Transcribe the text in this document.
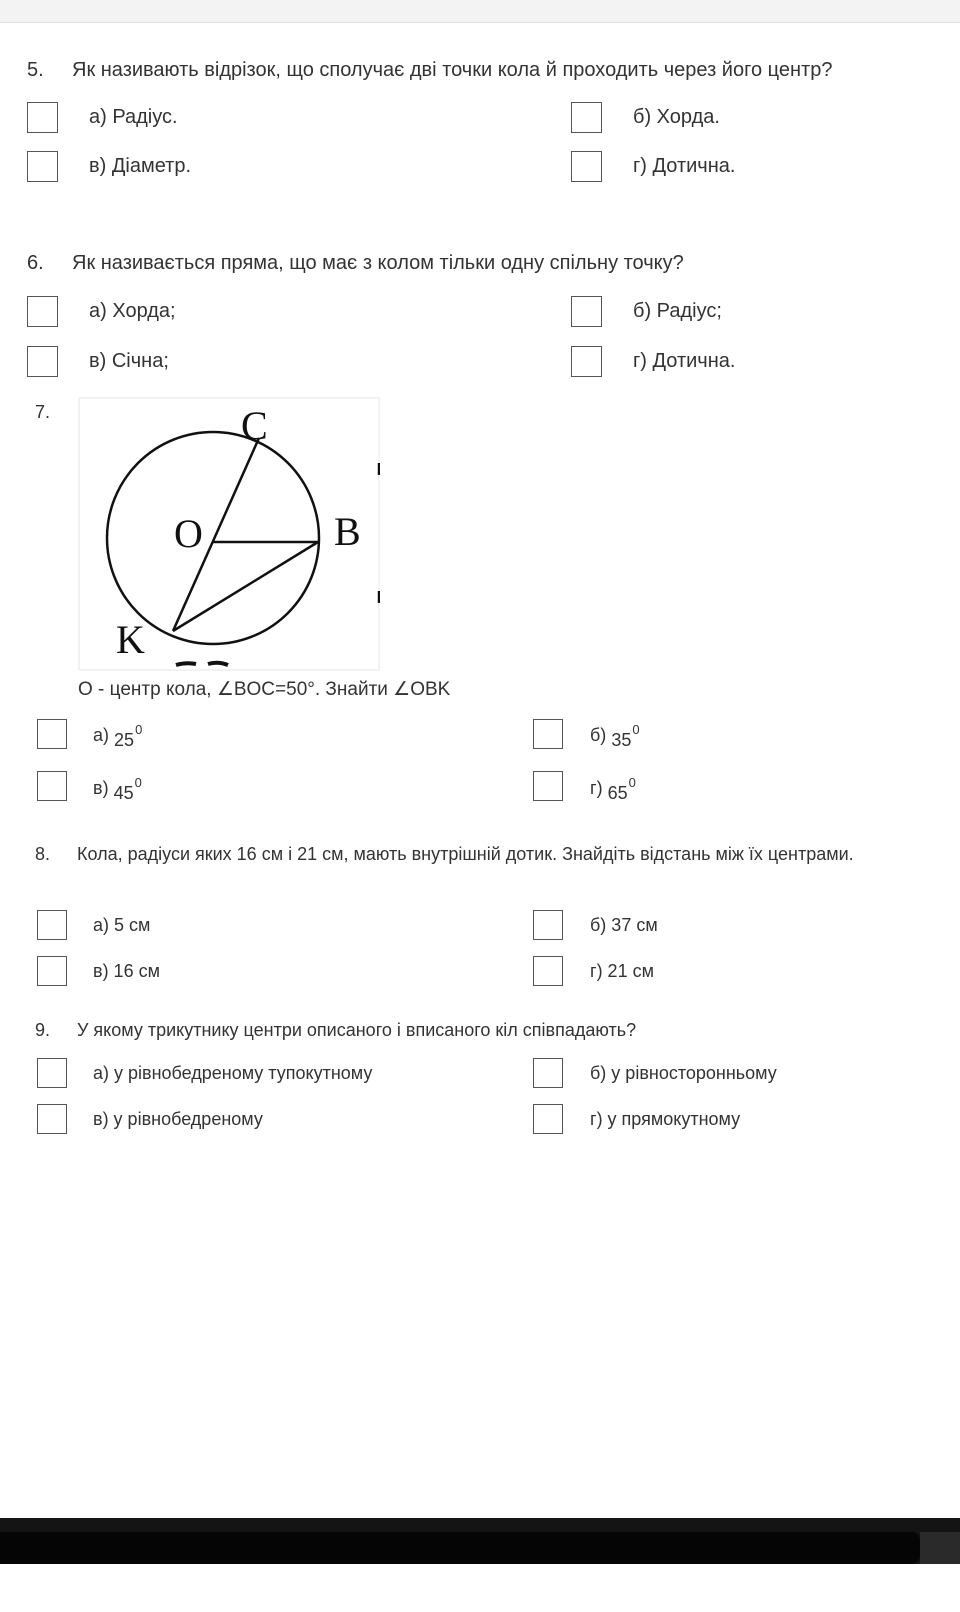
5. Як називають відрізок, що сполучає дві точки кола й проходить через його центр?
а) Радіус.	б) Хорда.
в) Діаметр.	г) Дотична.
6. Як називається пряма, що має з колом тільки одну спільну точку?
а) Хорда;	б) Радіус;
в) Січна;	г) Дотична.
7.	C
O	B
K
О - центр кола, ∠BOC=50°. Знайти ∠OBK
а) $25^0$	б) $35^0$
в) $45^0$	г) $65^0$
8. Кола, радіуси яких 16 см і 21 см, мають внутрішній дотик. Знайдіть відстань між їх центрами.
а) 5 см	б) 37 см
в) 16 см	г) 21 см
9. У якому трикутнику центри описаного і вписаного кіл співпадають?
а) у рівнобедреному тупокутному	б) у рівносторонньому
в) у рівнобедреному	г) у прямокутному
